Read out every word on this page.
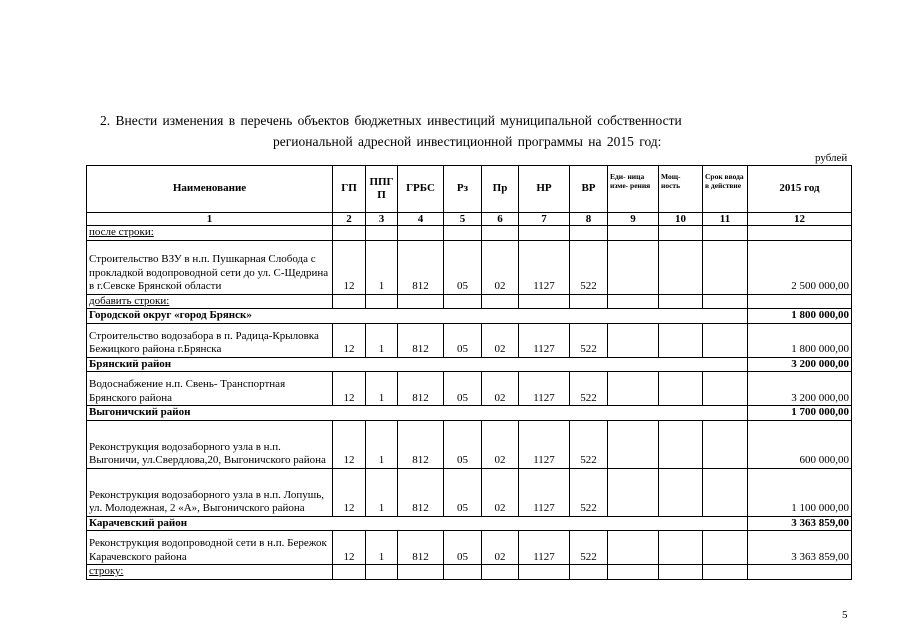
2. Внести изменения в перечень объектов бюджетных инвестиций муниципальной собственности
региональной адресной инвестиционной программы на 2015 год:
рублей
Наименование	ГП	ППГ П	ГРБС	Рз	Пр	НР	ВР	Еди- ница изме- рения	Мощ- ность	Срок ввода в действие	2015 год
1	2	3	4	5	6	7	8	9	10	11	12
после строки:											
Строительство ВЗУ в н.п. Пушкарная Слобода с прокладкой водопроводной сети до ул. С-Щедрина в г.Севске Брянской области	12	1	812	05	02	1127	522				2 500 000,00
добавить строки:											
Городской округ «город Брянск»											1 800 000,00
Строительство водозабора в п. Радица-Крыловка Бежицкого района г.Брянска	12	1	812	05	02	1127	522				1 800 000,00
Брянский район											3 200 000,00
Водоснабжение н.п. Свень- Транспортная Брянского района	12	1	812	05	02	1127	522				3 200 000,00
Выгоничский район											1 700 000,00
Реконструкция водозаборного узла в н.п. Выгоничи, ул.Свердлова,20, Выгоничского района	12	1	812	05	02	1127	522				600 000,00
Реконструкция водозаборного узла в н.п. Лопушь, ул. Молодежная, 2 «А», Выгоничского района	12	1	812	05	02	1127	522				1 100 000,00
Карачевский район											3 363 859,00
Реконструкция водопроводной сети в н.п. Бережок Карачевского района	12	1	812	05	02	1127	522				3 363 859,00
строку:											
5
